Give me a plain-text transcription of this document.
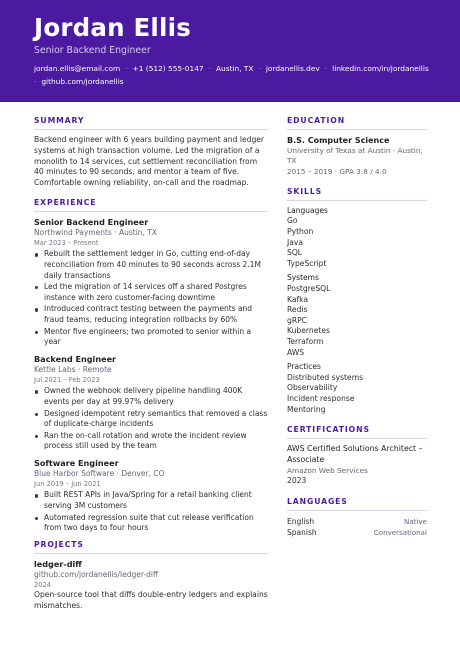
Jordan Ellis
Senior Backend Engineer
jordan.ellis@email.com · +1 (512) 555-0147 · Austin, TX · jordanellis.dev · linkedin.com/in/jordanellis
· github.com/jordanellis
SUMMARY
Backend engineer with 6 years building payment and ledger systems at high transaction volume. Led the migration of a monolith to 14 services, cut settlement reconciliation from 40 minutes to 90 seconds, and mentor a team of five. Comfortable owning reliability, on-call and the roadmap.
EXPERIENCE
Senior Backend Engineer
Northwind Payments · Austin, TX
Mar 2023 – Present
Rebuilt the settlement ledger in Go, cutting end-of-day reconciliation from 40 minutes to 90 seconds across 2.1M daily transactions
Led the migration of 14 services off a shared Postgres instance with zero customer-facing downtime
Introduced contract testing between the payments and fraud teams, reducing integration rollbacks by 60%
Mentor five engineers; two promoted to senior within a year
Backend Engineer
Kettle Labs · Remote
Jul 2021 – Feb 2023
Owned the webhook delivery pipeline handling 400K events per day at 99.97% delivery
Designed idempotent retry semantics that removed a class of duplicate-charge incidents
Ran the on-call rotation and wrote the incident review process still used by the team
Software Engineer
Blue Harbor Software · Denver, CO
Jun 2019 – Jun 2021
Built REST APIs in Java/Spring for a retail banking client serving 3M customers
Automated regression suite that cut release verification from two days to four hours
PROJECTS
ledger-diff
github.com/jordanellis/ledger-diff
2024
Open-source tool that diffs double-entry ledgers and explains mismatches.
EDUCATION
B.S. Computer Science
University of Texas at Austin · Austin, TX
2015 – 2019 · GPA 3.8 / 4.0
SKILLS
Languages
Go
Python
Java
SQL
TypeScript
Systems
PostgreSQL
Kafka
Redis
gRPC
Kubernetes
Terraform
AWS
Practices
Distributed systems
Observability
Incident response
Mentoring
CERTIFICATIONS
AWS Certified Solutions Architect – Associate
Amazon Web Services
2023
LANGUAGES
English	Native
Spanish	Conversational
